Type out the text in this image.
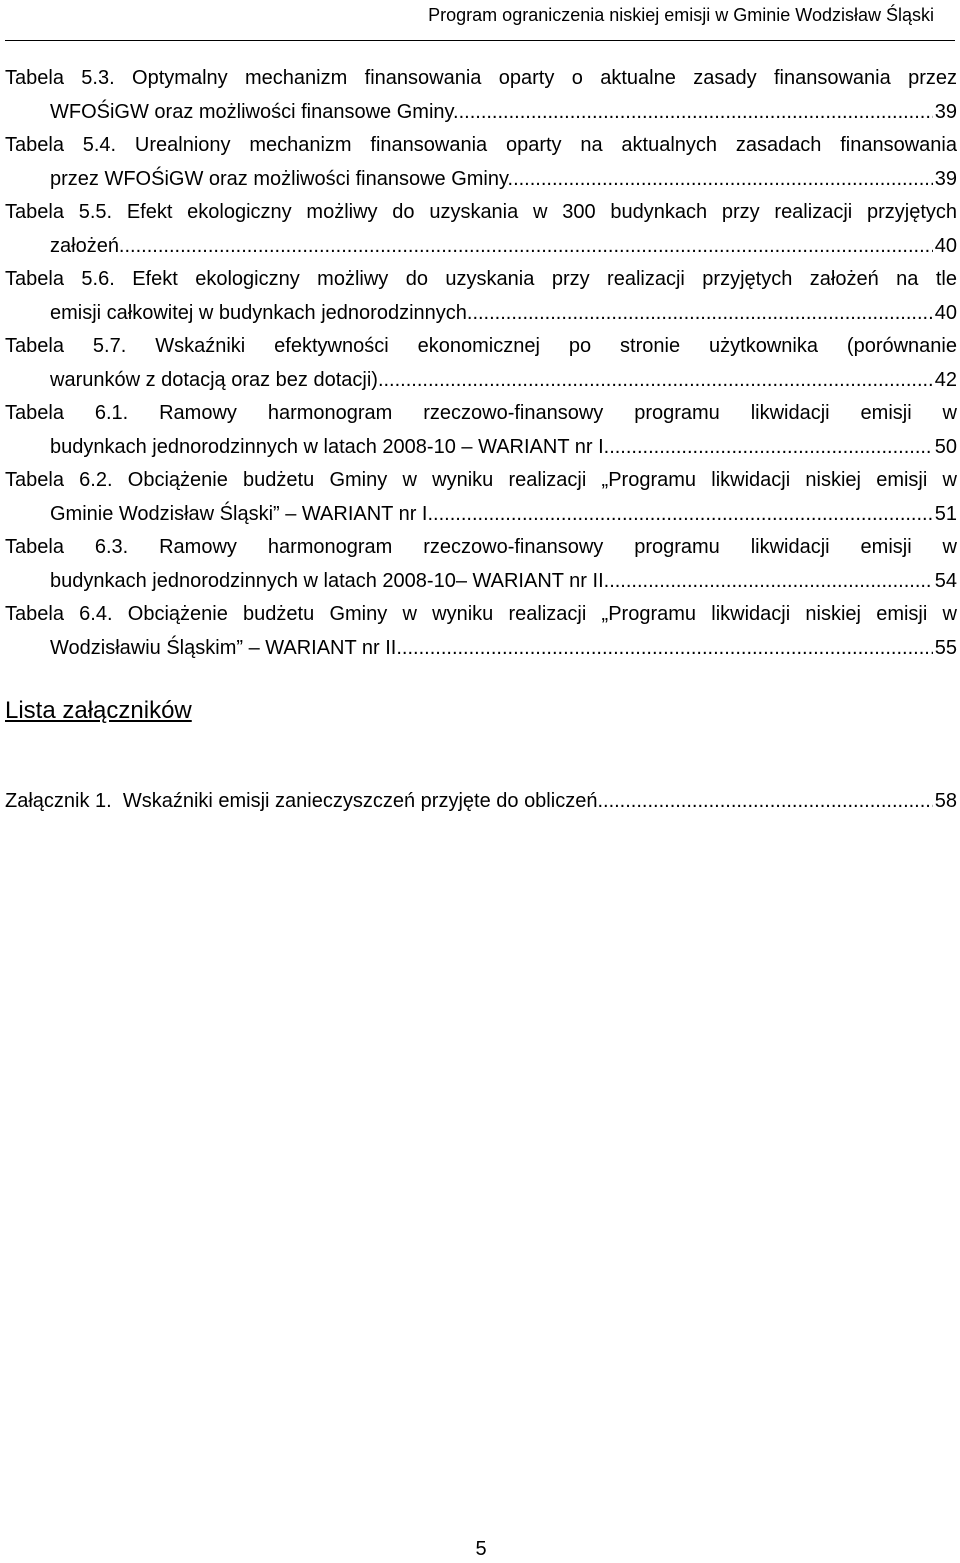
Program ograniczenia niskiej emisji w Gminie Wodzisław Śląski
Tabela 5.3. Optymalny mechanizm finansowania oparty o aktualne zasady finansowania przez
WFOŚiGW oraz możliwości finansowe Gminy. .....	39
Tabela 5.4. Urealniony mechanizm finansowania oparty na aktualnych zasadach finansowania
przez WFOŚiGW oraz możliwości finansowe Gminy. .....	39
Tabela 5.5. Efekt ekologiczny możliwy do uzyskania w 300 budynkach przy realizacji przyjętych
założeń. .....	40
Tabela 5.6. Efekt ekologiczny możliwy do uzyskania przy realizacji przyjętych założeń na tle
emisji całkowitej w budynkach jednorodzinnych. .....	40
Tabela 5.7. Wskaźniki efektywności ekonomicznej po stronie użytkownika (porównanie
warunków z dotacją oraz bez dotacji). .....	42
Tabela 6.1. Ramowy harmonogram rzeczowo-finansowy programu likwidacji emisji w
budynkach jednorodzinnych w latach 2008-10 – WARIANT nr I .....	50
Tabela 6.2. Obciążenie budżetu Gminy w wyniku realizacji „Programu likwidacji niskiej emisji w
Gminie Wodzisław Śląski” – WARIANT nr I .....	51
Tabela 6.3. Ramowy harmonogram rzeczowo-finansowy programu likwidacji emisji w
budynkach jednorodzinnych w latach 2008-10– WARIANT nr II .....	54
Tabela 6.4. Obciążenie budżetu Gminy w wyniku realizacji „Programu likwidacji niskiej emisji w
Wodzisławiu Śląskim” – WARIANT nr II .....	55
Lista załączników
Załącznik 1.  Wskaźniki emisji zanieczyszczeń przyjęte do obliczeń .....	58
5
